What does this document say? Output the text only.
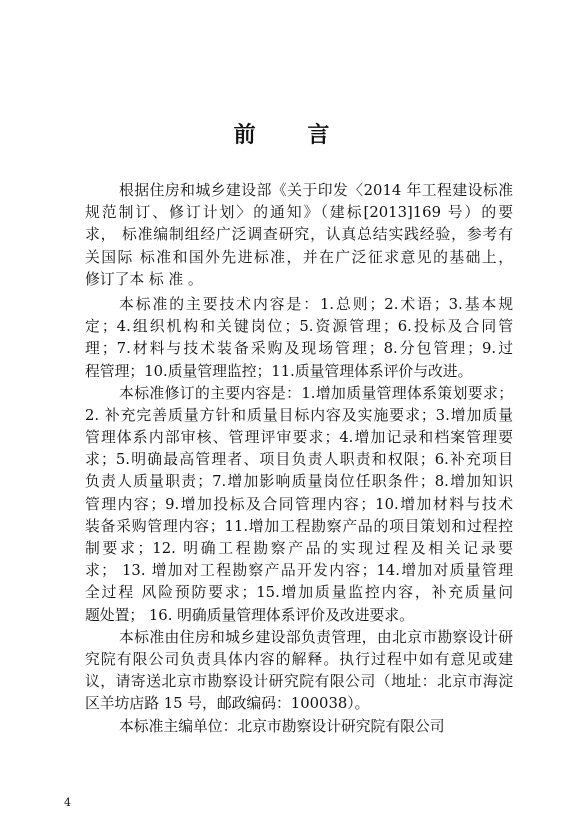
前 言
根据住房和城乡建设部《关于印发〈2014 年工程建设标准
规范制订、修订计划〉的通知》（建标[2013]169 号）的要
求， 标准编制组经广泛调查研究，认真总结实践经验，参考有
关国际 标准和国外先进标准，并在广泛征求意见的基础上，
修订了本 标 准 。
本标准的主要技术内容是：1.总则；2.术语；3.基本规
定；4.组织机构和关键岗位；5.资源管理；6.投标及合同管
理；7.材料与技术装备采购及现场管理；8.分包管理；9.过
程管理；10.质量管理监控；11.质量管理体系评价与改进。
本标准修订的主要内容是：1.增加质量管理体系策划要求；
2. 补充完善质量方针和质量目标内容及实施要求；3.增加质量
管理体系内部审核、管理评审要求；4.增加记录和档案管理要
求；5.明确最高管理者、项目负责人职责和权限；6.补充项目
负责人质量职责；7.增加影响质量岗位任职条件；8.增加知识
管理内容；9.增加投标及合同管理内容；10.增加材料与技术
装备采购管理内容；11.增加工程勘察产品的项目策划和过程控
制要求；12. 明确工程勘察产品的实现过程及相关记录要
求； 13. 增加对工程勘察产品开发内容；14.增加对质量管理
全过程 风险预防要求；15.增加质量监控内容，补充质量问
题处置； 16. 明确质量管理体系评价及改进要求。
本标准由住房和城乡建设部负责管理，由北京市勘察设计研
究院有限公司负责具体内容的解释。执行过程中如有意见或建
议，请寄送北京市勘察设计研究院有限公司（地址：北京市海淀
区羊坊店路 15 号，邮政编码：100038）。
本标准主编单位：北京市勘察设计研究院有限公司
4
